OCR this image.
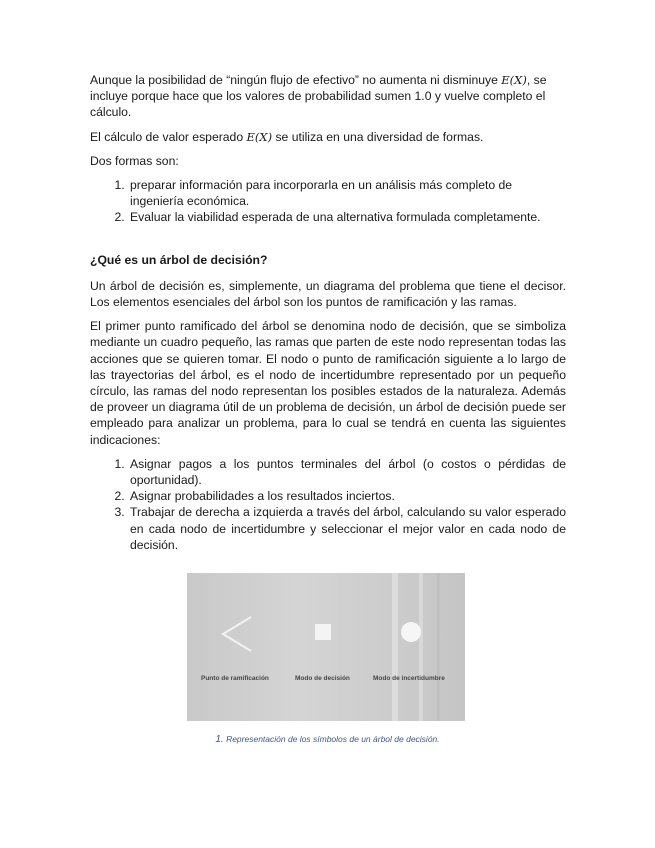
Aunque la posibilidad de “ningún flujo de efectivo” no aumenta ni disminuye E(X), se incluye porque hace que los valores de probabilidad sumen 1.0 y vuelve completo el cálculo.

El cálculo de valor esperado E(X) se utiliza en una diversidad de formas.

Dos formas son:

1. preparar información para incorporarla en un análisis más completo de ingeniería económica.
2. Evaluar la viabilidad esperada de una alternativa formulada completamente.
¿Qué es un árbol de decisión?

Un árbol de decisión es, simplemente, un diagrama del problema que tiene el decisor. Los elementos esenciales del árbol son los puntos de ramificación y las ramas.

El primer punto ramificado del árbol se denomina nodo de decisión, que se simboliza mediante un cuadro pequeño, las ramas que parten de este nodo representan todas las acciones que se quieren tomar. El nodo o punto de ramificación siguiente a lo largo de las trayectorias del árbol, es el nodo de incertidumbre representado por un pequeño círculo, las ramas del nodo representan los posibles estados de la naturaleza. Además de proveer un diagrama útil de un problema de decisión, un árbol de decisión puede ser empleado para analizar un problema, para lo cual se tendrá en cuenta las siguientes indicaciones:

1. Asignar pagos a los puntos terminales del árbol (o costos o pérdidas de oportunidad).
2. Asignar probabilidades a los resultados inciertos.
3. Trabajar de derecha a izquierda a través del árbol, calculando su valor esperado en cada nodo de incertidumbre y seleccionar el mejor valor en cada nodo de decisión.
Punto de ramificación	Modo de decisión	Modo de incertidumbre
1. Representación de los símbolos de un árbol de decisión.
